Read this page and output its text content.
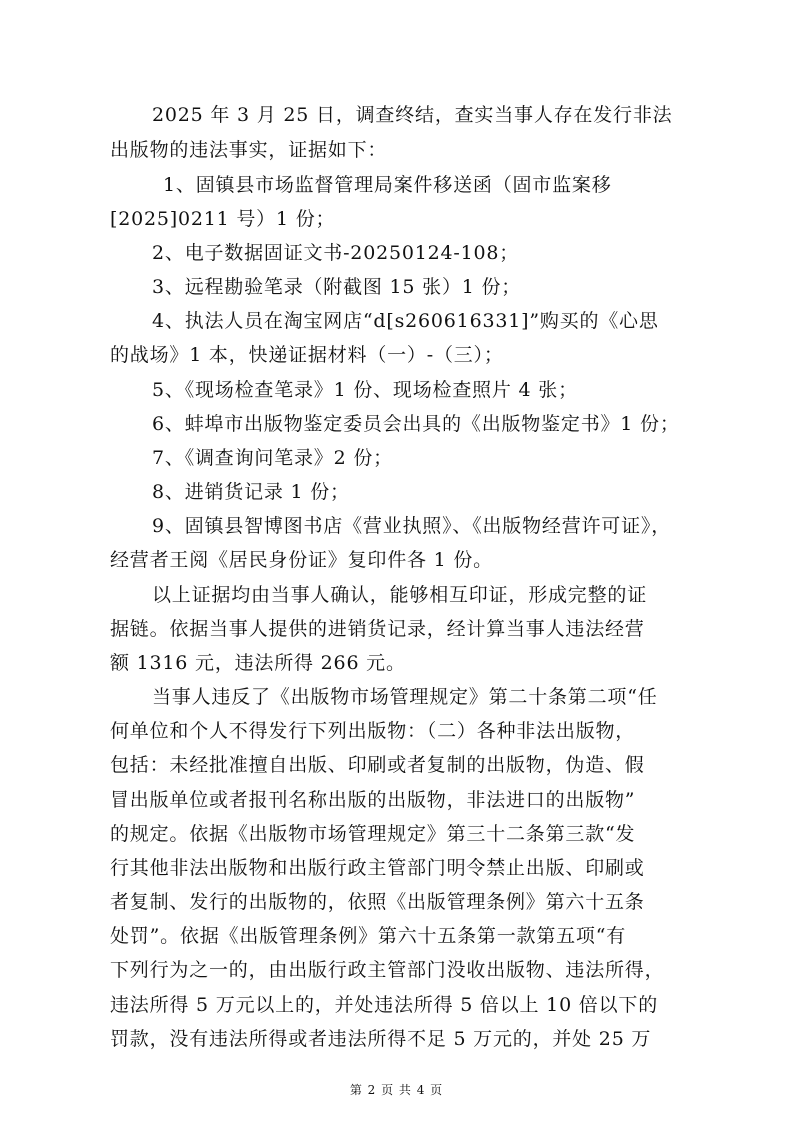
2025 年 3 月 25 日，调查终结，查实当事人存在发行非法
出版物的违法事实，证据如下：
1、固镇县市场监督管理局案件移送函（固市监案移
[2025]0211 号）1 份；
2、电子数据固证文书-20250124-108；
3、远程勘验笔录（附截图 15 张）1 份；
4、执法人员在淘宝网店“d[s260616331]”购买的《心思
的战场》1 本，快递证据材料（一）-（三）；
5、《现场检查笔录》1 份、现场检查照片 4 张；
6、蚌埠市出版物鉴定委员会出具的《出版物鉴定书》1 份；
7、《调查询问笔录》2 份；
8、进销货记录 1 份；
9、固镇县智博图书店《营业执照》、《出版物经营许可证》，
经营者王阅《居民身份证》复印件各 1 份。
以上证据均由当事人确认，能够相互印证，形成完整的证
据链。依据当事人提供的进销货记录，经计算当事人违法经营
额 1316 元，违法所得 266 元。
当事人违反了《出版物市场管理规定》第二十条第二项“任
何单位和个人不得发行下列出版物：（二）各种非法出版物，
包括：未经批准擅自出版、印刷或者复制的出版物，伪造、假
冒出版单位或者报刊名称出版的出版物，非法进口的出版物”
的规定。依据《出版物市场管理规定》第三十二条第三款“发
行其他非法出版物和出版行政主管部门明令禁止出版、印刷或
者复制、发行的出版物的，依照《出版管理条例》第六十五条
处罚”。依据《出版管理条例》第六十五条第一款第五项“有
下列行为之一的，由出版行政主管部门没收出版物、违法所得，
违法所得 5 万元以上的，并处违法所得 5 倍以上 10 倍以下的
罚款，没有违法所得或者违法所得不足 5 万元的，并处 25 万
第 2 页 共 4 页
